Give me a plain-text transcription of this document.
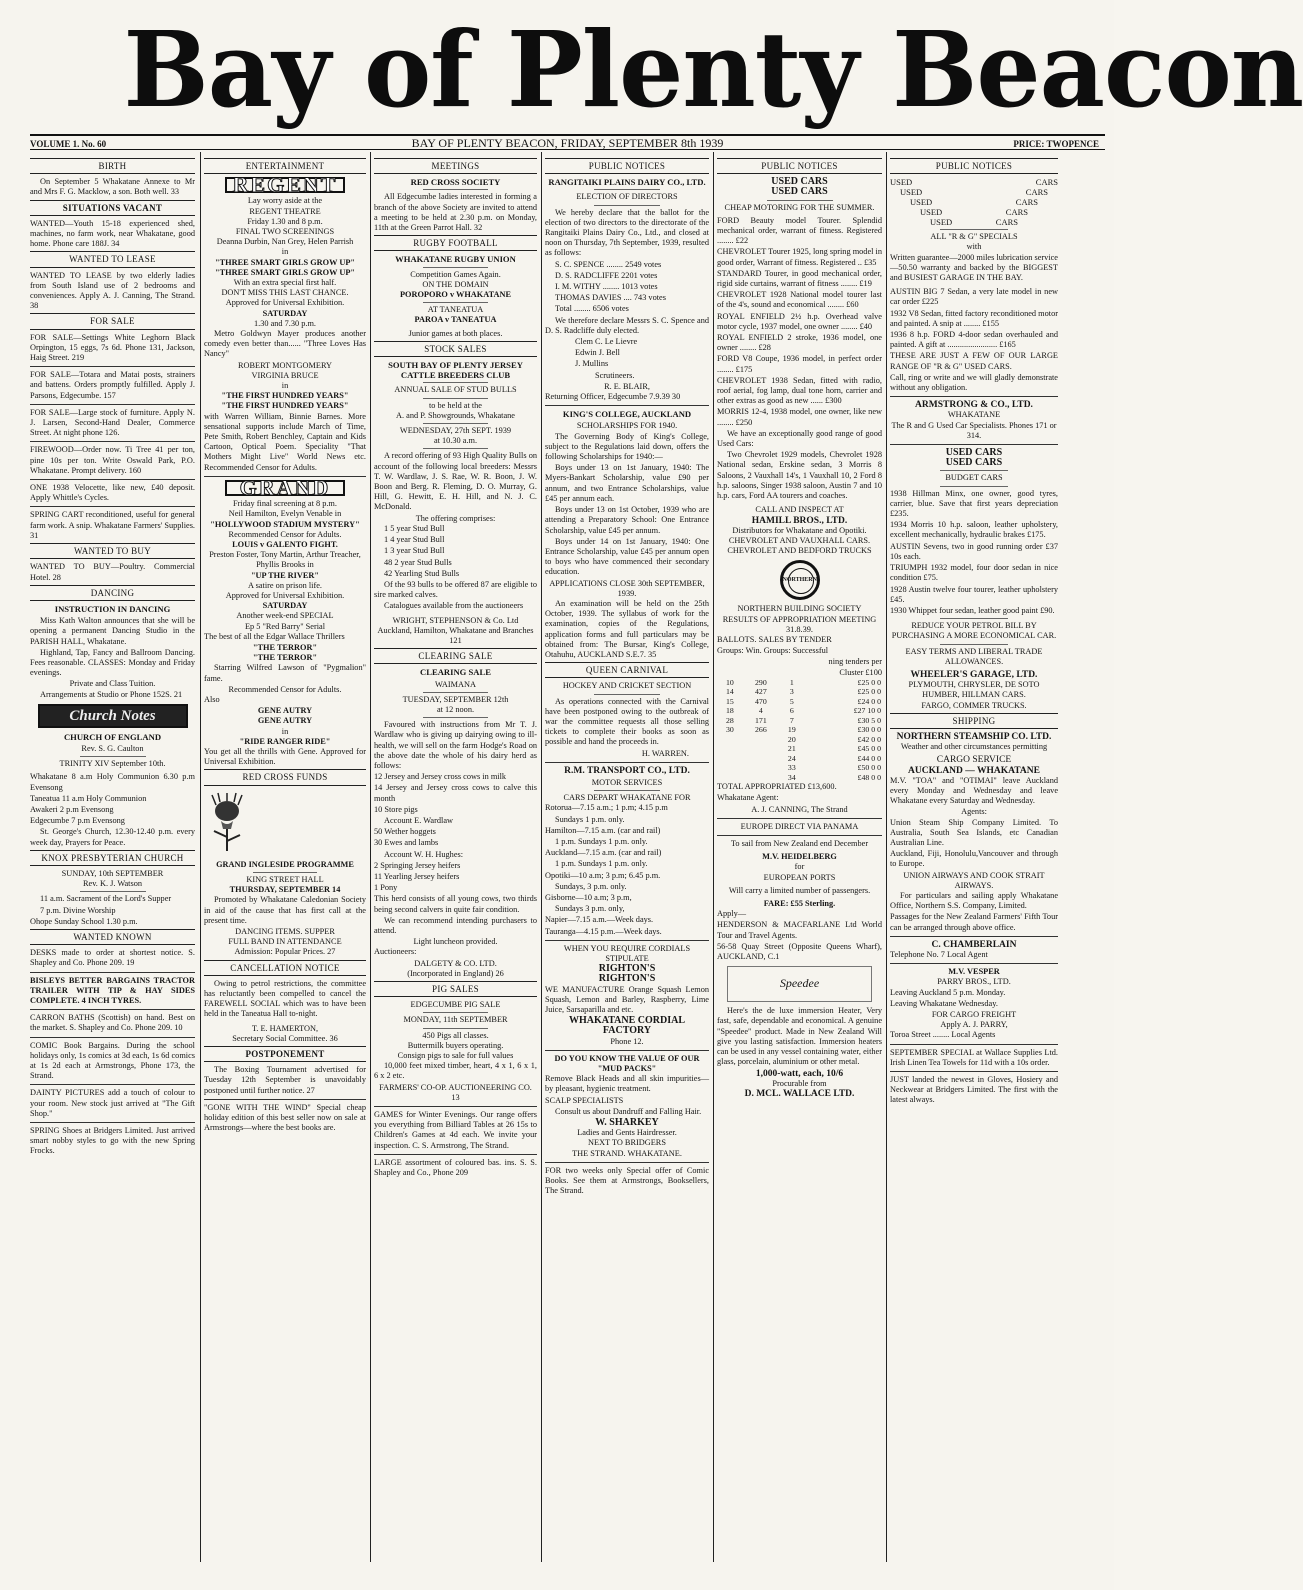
Bay of Plenty Beacon
VOLUME 1. No. 60	BAY OF PLENTY BEACON, FRIDAY, SEPTEMBER 8th 1939	PRICE: TWOPENCE
BIRTH

On September 5 Whakatane Annexe to Mr and Mrs F. G. Macklow, a son. Both well. 33

SITUATIONS VACANT

WANTED—Youth 15-18 experienced shed, machines, no farm work, near Whakatane, good home. Phone care 188J. 34

WANTED TO LEASE

WANTED TO LEASE by two elderly ladies from South Island use of 2 bedrooms and conveniences. Apply A. J. Canning, The Strand. 38

FOR SALE

FOR SALE—Settings White Leghorn Black Orpington, 15 eggs, 7s 6d. Phone 131, Jackson, Haig Street. 219

FOR SALE—Totara and Matai posts, strainers and battens. Orders promptly fulfilled. Apply J. Parsons, Edgecumbe. 157

FOR SALE—Large stock of furniture. Apply N. J. Larsen, Second-Hand Dealer, Commerce Street. At night phone 126.

FIREWOOD—Order now. Ti Tree 41 per ton, pine 10s per ton. Write Oswald Park, P.O. Whakatane. Prompt delivery. 160

ONE 1938 Velocette, like new, £40 deposit. Apply Whittle's Cycles.

SPRING CART reconditioned, useful for general farm work. A snip. Whakatane Farmers' Supplies. 31

WANTED TO BUY

WANTED TO BUY—Poultry. Commercial Hotel. 28

DANCING
INSTRUCTION IN DANCING

Miss Kath Walton announces that she will be opening a permanent Dancing Studio in the PARISH HALL, Whakatane.

Highland, Tap, Fancy and Ballroom Dancing. Fees reasonable. CLASSES: Monday and Friday evenings.

Private and Class Tuition.

Arrangements at Studio or Phone 152S. 21

Church Notes
CHURCH OF ENGLAND

Rev. S. G. Caulton

TRINITY XIV September 10th.

Whakatane 8 a.m Holy Communion 6.30 p.m Evensong

Taneatua 11 a.m Holy Communion

Awakeri 2 p.m Evensong

Edgecumbe 7 p.m Evensong

St. George's Church, 12.30-12.40 p.m. every week day, Prayers for Peace.

KNOX PRESBYTERIAN CHURCH

SUNDAY, 10th SEPTEMBER

Rev. K. J. Watson

11 a.m. Sacrament of the Lord's Supper

7 p.m. Divine Worship

Ohope Sunday School 1.30 p.m.

WANTED KNOWN

DESKS made to order at shortest notice. S. Shapley and Co. Phone 209. 19

BISLEYS BETTER BARGAINS TRACTOR TRAILER WITH TIP & HAY SIDES COMPLETE. 4 INCH TYRES.

CARRON BATHS (Scottish) on hand. Best on the market. S. Shapley and Co. Phone 209. 10

COMIC Book Bargains. During the school holidays only, 1s comics at 3d each, 1s 6d comics at 1s 2d each at Armstrongs, Phone 173, the Strand.

DAINTY PICTURES add a touch of colour to your room. New stock just arrived at "The Gift Shop."

SPRING Shoes at Bridgers Limited. Just arrived smart nobby styles to go with the new Spring Frocks.

ENTERTAINMENT
REGENT

Lay worry aside at the

REGENT THEATRE

Friday 1.30 and 8 p.m.

FINAL TWO SCREENINGS

Deanna Durbin, Nan Grey, Helen Parrish

in

"THREE SMART GIRLS GROW UP"

"THREE SMART GIRLS GROW UP"

With an extra special first half.

DON'T MISS THIS LAST CHANCE.

Approved for Universal Exhibition.

SATURDAY

1.30 and 7.30 p.m.

Metro Goldwyn Mayer produces another comedy even better than...... "Three Loves Has Nancy"

ROBERT MONTGOMERY

VIRGINIA BRUCE

in

"THE FIRST HUNDRED YEARS"

"THE FIRST HUNDRED YEARS"

with Warren William, Binnie Barnes. More sensational supports include March of Time, Pete Smith, Robert Benchley, Captain and Kids Cartoon, Optical Poem. Speciality "That Mothers Might Live" World News etc. Recommended Censor for Adults.

GRAND

Friday final screening at 8 p.m.

Neil Hamilton, Evelyn Venable in

"HOLLYWOOD STADIUM MYSTERY"

Recommended Censor for Adults.

LOUIS v GALENTO FIGHT.

Preston Foster, Tony Martin, Arthur Treacher, Phyllis Brooks in

"UP THE RIVER"

A satire on prison life.

Approved for Universal Exhibition.

SATURDAY

Another week-end SPECIAL

Ep 5 "Red Barry" Serial

The best of all the Edgar Wallace Thrillers

"THE TERROR"

"THE TERROR"

Starring Wilfred Lawson of "Pygmalion" fame.

Recommended Censor for Adults.

Also

GENE AUTRY

GENE AUTRY

in

"RIDE RANGER RIDE"

You get all the thrills with Gene. Approved for Universal Exhibition.

RED CROSS FUNDS

GRAND INGLESIDE PROGRAMME

KING STREET HALL

THURSDAY, SEPTEMBER 14

Promoted by Whakatane Caledonian Society in aid of the cause that has first call at the present time.

DANCING ITEMS. SUPPER

FULL BAND IN ATTENDANCE

Admission: Popular Prices. 27

CANCELLATION NOTICE

Owing to petrol restrictions, the committee has reluctantly been compelled to cancel the FAREWELL SOCIAL which was to have been held in the Taneatua Hall to-night.

T. E. HAMERTON,

Secretary Social Committee. 36

POSTPONEMENT

The Boxing Tournament advertised for Tuesday 12th September is unavoidably postponed until further notice. 27

"GONE WITH THE WIND" Special cheap holiday edition of this best seller now on sale at Armstrongs—where the best books are.

MEETINGS
RED CROSS SOCIETY

All Edgecumbe ladies interested in forming a branch of the above Society are invited to attend a meeting to be held at 2.30 p.m. on Monday, 11th at the Green Parrot Hall. 32

RUGBY FOOTBALL
WHAKATANE RUGBY UNION

Competition Games Again.

ON THE DOMAIN

POROPORO v WHAKATANE

AT TANEATUA

PAROA v TANEATUA

Junior games at both places.

STOCK SALES
SOUTH BAY OF PLENTY JERSEY CATTLE BREEDERS CLUB

ANNUAL SALE OF STUD BULLS

to be held at the

A. and P. Showgrounds, Whakatane

WEDNESDAY, 27th SEPT. 1939

at 10.30 a.m.

A record offering of 93 High Quality Bulls on account of the following local breeders: Messrs T. W. Wardlaw, J. S. Rae, W. R. Boon, J. W. Boon and Berg. R. Fleming, D. O. Murray, G. Hill, G. Hewitt, E. H. Hill, and N. J. C. McDonald.

The offering comprises:

1 5 year Stud Bull

1 4 year Stud Bull

1 3 year Stud Bull

48 2 year Stud Bulls

42 Yearling Stud Bulls

Of the 93 bulls to be offered 87 are eligible to sire marked calves.

Catalogues available from the auctioneers

WRIGHT, STEPHENSON & Co. Ltd

Auckland, Hamilton, Whakatane and Branches 121

CLEARING SALE
CLEARING SALE

WAIMANA

TUESDAY, SEPTEMBER 12th

at 12 noon.

Favoured with instructions from Mr T. J. Wardlaw who is giving up dairying owing to ill-health, we will sell on the farm Hodge's Road on the above date the whole of his dairy herd as follows:

12 Jersey and Jersey cross cows in milk

14 Jersey and Jersey cross cows to calve this month

10 Store pigs

Account E. Wardlaw

50 Wether hoggets

30 Ewes and lambs

Account W. H. Hughes:

2 Springing Jersey heifers

11 Yearling Jersey heifers

1 Pony

This herd consists of all young cows, two thirds being second calvers in quite fair condition.

We can recommend intending purchasers to attend.

Light luncheon provided.

Auctioneers:

DALGETY & CO. LTD.

(Incorporated in England) 26

PIG SALES

EDGECUMBE PIG SALE

MONDAY, 11th SEPTEMBER

450 Pigs all classes.

Buttermilk buyers operating.

Consign pigs to sale for full values

10,000 feet mixed timber, heart, 4 x 1, 6 x 1, 6 x 2 etc.

FARMERS' CO-OP. AUCTIONEERING CO. 13

GAMES for Winter Evenings. Our range offers you everything from Billiard Tables at 26 15s to Children's Games at 4d each. We invite your inspection. C. S. Armstrong, The Strand.

LARGE assortment of coloured bas. ins. S. S. Shapley and Co., Phone 209

PUBLIC NOTICES
RANGITAIKI PLAINS DAIRY CO., LTD.

ELECTION OF DIRECTORS

We hereby declare that the ballot for the election of two directors to the directorate of the Rangitaiki Plains Dairy Co., Ltd., and closed at noon on Thursday, 7th September, 1939, resulted as follows:

S. C. SPENCE ........ 2549 votes

D. S. RADCLIFFE 2201 votes

I. M. WITHY ........ 1013 votes

THOMAS DAVIES .... 743 votes

Total ........ 6506 votes

We therefore declare Messrs S. C. Spence and D. S. Radcliffe duly elected.

Clem C. Le Lievre

Edwin J. Bell

J. Mullins

Scrutineers.

R. E. BLAIR,

Returning Officer, Edgecumbe 7.9.39 30

KING'S COLLEGE, AUCKLAND

SCHOLARSHIPS FOR 1940.

The Governing Body of King's College, subject to the Regulations laid down, offers the following Scholarships for 1940:—

Boys under 13 on 1st January, 1940: The Myers-Bankart Scholarship, value £90 per annum, and two Entrance Scholarships, value £45 per annum each.

Boys under 13 on 1st October, 1939 who are attending a Preparatory School: One Entrance Scholarship, value £45 per annum.

Boys under 14 on 1st January, 1940: One Entrance Scholarship, value £45 per annum open to boys who have commenced their secondary education.

APPLICATIONS CLOSE 30th SEPTEMBER, 1939.

An examination will be held on the 25th October, 1939. The syllabus of work for the examination, copies of the Regulations, application forms and full particulars may be obtained from: The Bursar, King's College, Otahuhu, AUCKLAND S.E.7. 35

QUEEN CARNIVAL

HOCKEY AND CRICKET SECTION

As operations connected with the Carnival have been postponed owing to the outbreak of war the committee requests all those selling tickets to complete their books as soon as possible and hand the proceeds in.

H. WARREN.

R.M. TRANSPORT CO., LTD.

MOTOR SERVICES

CARS DEPART WHAKATANE FOR

Rotorua—7.15 a.m.; 1 p.m; 4.15 p.m

Sundays 1 p.m. only.

Hamilton—7.15 a.m. (car and rail)

1 p.m. Sundays 1 p.m. only.

Auckland—7.15 a.m. (car and rail)

1 p.m. Sundays 1 p.m. only.

Opotiki—10 a.m; 3 p.m; 6.45 p.m.

Sundays, 3 p.m. only.

Gisborne—10 a.m; 3 p.m,

Sundays 3 p.m. only,

Napier—7.15 a.m.—Week days.

Tauranga—4.15 p.m.—Week days.

WHEN YOU REQUIRE CORDIALS STIPULATE

RIGHTON'S

RIGHTON'S

WE MANUFACTURE Orange Squash Lemon Squash, Lemon and Barley, Raspberry, Lime Juice, Sarsaparilla and etc.

WHAKATANE CORDIAL FACTORY

Phone 12.

DO YOU KNOW THE VALUE OF OUR "MUD PACKS"

Remove Black Heads and all skin impurities—by pleasant, hygienic treatment.

SCALP SPECIALISTS

Consult us about Dandruff and Falling Hair.

W. SHARKEY

Ladies and Gents Hairdresser.

NEXT TO BRIDGERS

THE STRAND. WHAKATANE.

FOR two weeks only Special offer of Comic Books. See them at Armstrongs, Booksellers, The Strand.

PUBLIC NOTICES

USED CARS

USED CARS

CHEAP MOTORING FOR THE SUMMER.

FORD Beauty model Tourer. Splendid mechanical order, warrant of fitness. Registered ........ £22

CHEVROLET Tourer 1925, long spring model in good order, Warrant of fitness. Registered .. £35

STANDARD Tourer, in good mechanical order, rigid side curtains, warrant of fitness ........ £19

CHEVROLET 1928 National model tourer last of the 4's, sound and economical ........ £60

ROYAL ENFIELD 2½ h.p. Overhead valve motor cycle, 1937 model, one owner ........ £40

ROYAL ENFIELD 2 stroke, 1936 model, one owner ........ £28

FORD V8 Coupe, 1936 model, in perfect order ........ £175

CHEVROLET 1938 Sedan, fitted with radio, roof aerial, fog lamp, dual tone horn, carrier and other extras as good as new ...... £300

MORRIS 12-4, 1938 model, one owner, like new ........ £250

We have an exceptionally good range of good Used Cars:

Two Chevrolet 1929 models, Chevrolet 1928 National sedan, Erskine sedan, 3 Morris 8 Saloons, 2 Vauxhall 14's, 1 Vauxhall 10, 2 Ford 8 h.p. saloons, Singer 1938 saloon, Austin 7 and 10 h.p. cars, Ford AA tourers and coaches.

CALL AND INSPECT AT

HAMILL BROS., LTD.

Distributors for Whakatane and Opotiki.

CHEVROLET AND VAUXHALL CARS.

CHEVROLET AND BEDFORD TRUCKS

NORTHERN

NORTHERN BUILDING SOCIETY

RESULTS OF APPROPRIATION MEETING 31.8.39.

BALLOTS. SALES BY TENDER

Groups: Win. Groups: Successful

ning tenders per

Cluster £100

10	290	1	£25 0 0
14	427	3	£25 0 0
15	470	5	£24 0 0
18	4	6	£27 10 0
28	171	7	£30 5 0
30	266	19	£30 0 0
		20	£42 0 0
		21	£45 0 0
		24	£44 0 0
		33	£50 0 0
		34	£48 0 0

TOTAL APPROPRIATED £13,600.

Whakatane Agent:

A. J. CANNING, The Strand

EUROPE DIRECT VIA PANAMA

To sail from New Zealand end December

M.V. HEIDELBERG

for

EUROPEAN PORTS

Will carry a limited number of passengers.

FARE: £55 Sterling.

Apply—

HENDERSON & MACFARLANE Ltd World Tour and Travel Agents.

56-58 Quay Street (Opposite Queens Wharf), AUCKLAND, C.1

Speedee

Here's the de luxe immersion Heater, Very fast, safe, dependable and economical. A genuine "Speedee" product. Made in New Zealand Will give you lasting satisfaction. Immersion heaters can be used in any vessel containing water, either glass, porcelain, aluminium or other metal.

1,000-watt, each, 10/6

Procurable from

D. MCL. WALLACE LTD.

PUBLIC NOTICES
USED	CARS
USED	CARS
USED	CARS
USED	CARS
USED	CARS

ALL "R & G" SPECIALS

with

Written guarantee—2000 miles lubrication service—50.50 warranty and backed by the BIGGEST and BUSIEST GARAGE IN THE BAY.

AUSTIN BIG 7 Sedan, a very late model in new car order £225

1932 V8 Sedan, fitted factory reconditioned motor and painted. A snip at ........ £155

1936 8 h.p. FORD 4-door sedan overhauled and painted. A gift at ........................ £165

THESE ARE JUST A FEW OF OUR LARGE RANGE OF "R & G" USED CARS.

Call, ring or write and we will gladly demonstrate without any obligation.

ARMSTRONG & CO., LTD.

WHAKATANE

The R and G Used Car Specialists. Phones 171 or 314.

USED CARS

USED CARS

BUDGET CARS

1938 Hillman Minx, one owner, good tyres, carrier, blue. Save that first years depreciation £235.

1934 Morris 10 h.p. saloon, leather upholstery, excellent mechanically, hydraulic brakes £175.

AUSTIN Sevens, two in good running order £37 10s each.

TRIUMPH 1932 model, four door sedan in nice condition £75.

1928 Austin twelve four tourer, leather upholstery £45.

1930 Whippet four sedan, leather good paint £90.

REDUCE YOUR PETROL BILL BY PURCHASING A MORE ECONOMICAL CAR.

EASY TERMS AND LIBERAL TRADE ALLOWANCES.

WHEELER'S GARAGE, LTD.

PLYMOUTH, CHRYSLER, DE SOTO HUMBER, HILLMAN CARS.

FARGO, COMMER TRUCKS.

SHIPPING

NORTHERN STEAMSHIP CO. LTD.

Weather and other circumstances permitting

CARGO SERVICE

AUCKLAND — WHAKATANE

M.V. "TOA" and "OTIMAI" leave Auckland every Monday and Wednesday and leave Whakatane every Saturday and Wednesday.

Agents:

Union Steam Ship Company Limited. To Australia, South Sea Islands, etc Canadian Australian Line.

Auckland, Fiji, Honolulu,Vancouver and through to Europe.

UNION AIRWAYS AND COOK STRAIT AIRWAYS.

For particulars and sailing apply Whakatane Office, Northern S.S. Company, Limited.

Passages for the New Zealand Farmers' Fifth Tour can be arranged through above office.

C. CHAMBERLAIN

Telephone No. 7 Local Agent

M.V. VESPER

PARRY BROS., LTD.

Leaving Auckland 5 p.m. Monday.

Leaving Whakatane Wednesday.

FOR CARGO FREIGHT

Apply A. J. PARRY,

Toroa Street ........ Local Agents

SEPTEMBER SPECIAL at Wallace Supplies Ltd. Irish Linen Tea Towels for 11d with a 10s order.

JUST landed the newest in Gloves, Hosiery and Neckwear at Bridgers Limited. The first with the latest always.
